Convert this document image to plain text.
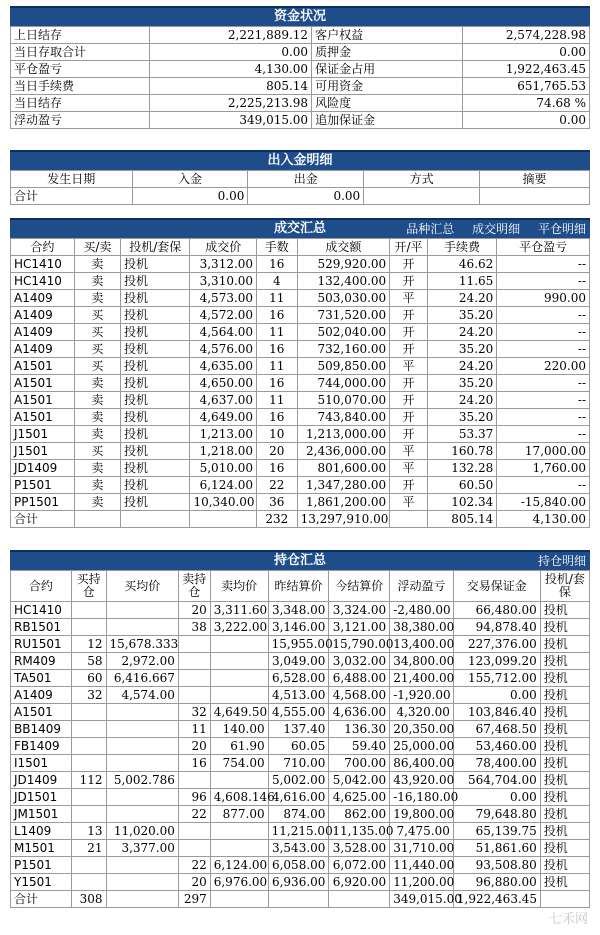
资金状况
上日结存	2,221,889.12	客户权益	2,574,228.98
当日存取合计	0.00	质押金	0.00
平仓盈亏	4,130.00	保证金占用	1,922,463.45
当日手续费	805.14	可用资金	651,765.53
当日结存	2,225,213.98	风险度	74.68 %
浮动盈亏	349,015.00	追加保证金	0.00
出入金明细
发生日期	入金	出金	方式	摘要
合计	0.00	0.00		
成交汇总	品种汇总 成交明细 平仓明细
合约	买/卖	投机/套保	成交价	手数	成交额	开/平	手续费	平仓盈亏
HC1410	卖	投机	3,312.00	16	529,920.00	开	46.62	--
HC1410	卖	投机	3,310.00	4	132,400.00	开	11.65	--
A1409	卖	投机	4,573.00	11	503,030.00	平	24.20	990.00
A1409	买	投机	4,572.00	16	731,520.00	开	35.20	--
A1409	买	投机	4,564.00	11	502,040.00	开	24.20	--
A1409	买	投机	4,576.00	16	732,160.00	开	35.20	--
A1501	买	投机	4,635.00	11	509,850.00	平	24.20	220.00
A1501	卖	投机	4,650.00	16	744,000.00	开	35.20	--
A1501	卖	投机	4,637.00	11	510,070.00	开	24.20	--
A1501	卖	投机	4,649.00	16	743,840.00	开	35.20	--
J1501	卖	投机	1,213.00	10	1,213,000.00	开	53.37	--
J1501	买	投机	1,218.00	20	2,436,000.00	平	160.78	17,000.00
JD1409	卖	投机	5,010.00	16	801,600.00	平	132.28	1,760.00
P1501	卖	投机	6,124.00	22	1,347,280.00	开	60.50	--
PP1501	卖	投机	10,340.00	36	1,861,200.00	平	102.34	-15,840.00
合计				232	13,297,910.00		805.14	4,130.00
持仓汇总	持仓明细
合约	买持仓	买均价	卖持仓	卖均价	昨结算价	今结算价	浮动盈亏	交易保证金	投机/套保
HC1410			20	3,311.60	3,348.00	3,324.00	-2,480.00	66,480.00	投机
RB1501			38	3,222.00	3,146.00	3,121.00	38,380.00	94,878.40	投机
RU1501	12	15,678.333			15,955.00	15,790.00	13,400.00	227,376.00	投机
RM409	58	2,972.00			3,049.00	3,032.00	34,800.00	123,099.20	投机
TA501	60	6,416.667			6,528.00	6,488.00	21,400.00	155,712.00	投机
A1409	32	4,574.00			4,513.00	4,568.00	-1,920.00	0.00	投机
A1501			32	4,649.50	4,555.00	4,636.00	4,320.00	103,846.40	投机
BB1409			11	140.00	137.40	136.30	20,350.00	67,468.50	投机
FB1409			20	61.90	60.05	59.40	25,000.00	53,460.00	投机
I1501			16	754.00	710.00	700.00	86,400.00	78,400.00	投机
JD1409	112	5,002.786			5,002.00	5,042.00	43,920.00	564,704.00	投机
JD1501			96	4,608.146	4,616.00	4,625.00	-16,180.00	0.00	投机
JM1501			22	877.00	874.00	862.00	19,800.00	79,648.80	投机
L1409	13	11,020.00			11,215.00	11,135.00	7,475.00	65,139.75	投机
M1501	21	3,377.00			3,543.00	3,528.00	31,710.00	51,861.60	投机
P1501			22	6,124.00	6,058.00	6,072.00	11,440.00	93,508.80	投机
Y1501			20	6,976.00	6,936.00	6,920.00	11,200.00	96,880.00	投机
合计	308		297				349,015.00	1,922,463.45	
七禾网
